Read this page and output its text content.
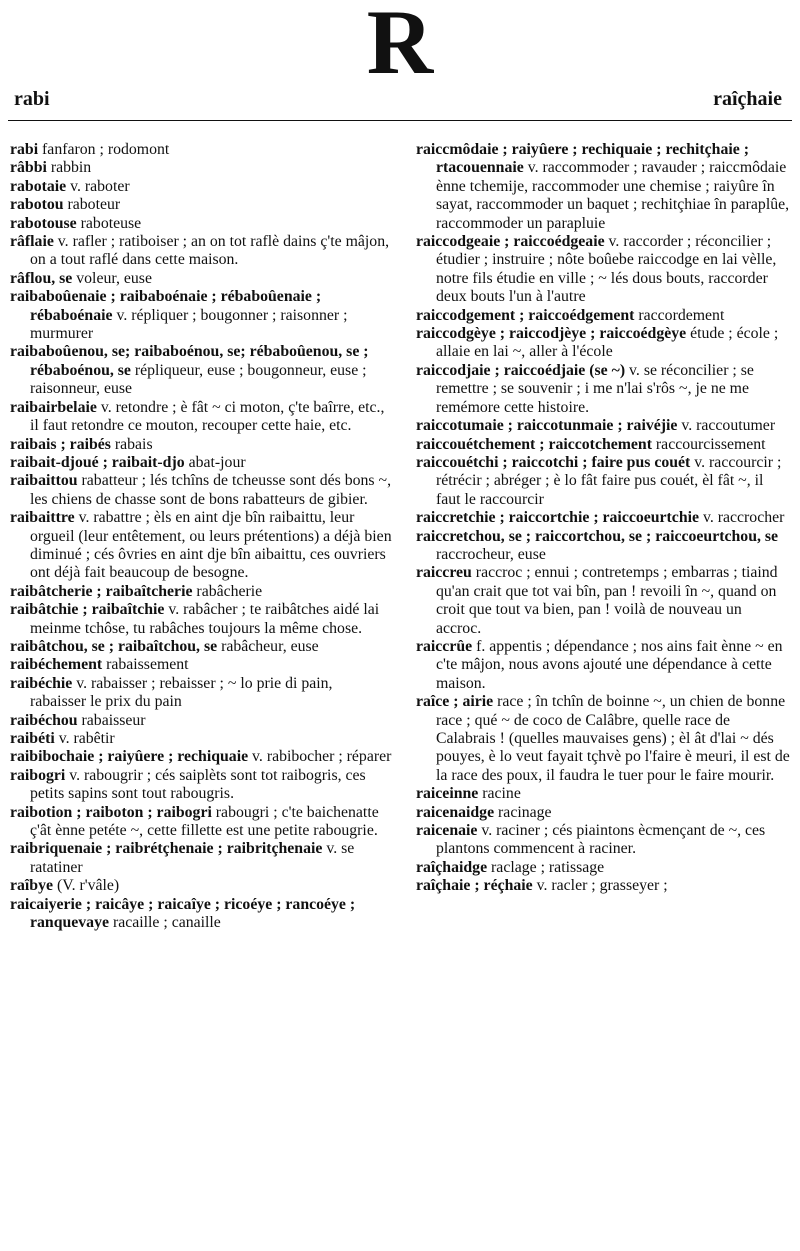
R
rabi	raîçhaie

rabi fanfaron ; rodomont

râbbi rabbin

rabotaie v. raboter

rabotou raboteur

rabotouse raboteuse

râflaie v. rafler ; ratiboiser ; an on tot raflè dains ç'te mâjon, on a tout raflé dans cette maison.

râflou, se voleur, euse

raibaboûenaie ; raibaboénaie ; rébaboûenaie ; rébaboénaie v. répliquer ; bougonner ; raisonner ; murmurer

raibaboûenou, se; raibaboénou, se; rébaboûenou, se ; rébaboénou, se répliqueur, euse ; bougonneur, euse ; raisonneur, euse

raibairbelaie v. retondre ; è fât ~ ci moton, ç'te baîrre, etc., il faut retondre ce mouton, recouper cette haie, etc.

raibais ; raibés rabais

raibait-djoué ; raibait-djo abat-jour

raibaittou rabatteur ; lés tchîns de tcheusse sont dés bons ~, les chiens de chasse sont de bons rabatteurs de gibier.

raibaittre v. rabattre ; èls en aint dje bîn raibaittu, leur orgueil (leur entêtement, ou leurs prétentions) a déjà bien diminué ; cés ôvries en aint dje bîn aibaittu, ces ouvriers ont déjà fait beaucoup de besogne.

raibâtcherie ; raibaîtcherie rabâcherie

raibâtchie ; raibaîtchie v. rabâcher ; te raibâtches aidé lai meinme tchôse, tu rabâches toujours la même chose.

raibâtchou, se ; raibaîtchou, se rabâcheur, euse

raibéchement rabaissement

raibéchie v. rabaisser ; rebaisser ; ~ lo prie di pain, rabaisser le prix du pain

raibéchou rabaisseur

raibéti v. rabêtir

raibibochaie ; raiyûere ; rechiquaie v. rabibocher ; réparer

raibogri v. rabougrir ; cés saiplèts sont tot raibogris, ces petits sapins sont tout rabougris.

raibotion ; raiboton ; raibogri rabougri ; c'te baichenatte ç'ât ènne petéte ~, cette fillette est une petite rabougrie.

raibriquenaie ; raibrétçhenaie ; raibritçhenaie v. se ratatiner

raîbye (V. r'vâle)

raicaiyerie ; raicâye ; raicaîye ; ricoéye ; rancoéye ; ranquevaye racaille ; canaille

raiccmôdaie ; raiyûere ; rechiquaie ; rechitçhaie ; rtacouennaie v. raccommoder ; ravauder ; raiccmôdaie ènne tchemije, raccommoder une chemise ; raiyûre în sayat, raccommoder un baquet ; rechitçhiae în paraplûe, raccommoder un parapluie

raiccodgeaie ; raiccoédgeaie v. raccorder ; réconcilier ; étudier ; instruire ; nôte boûebe raiccodge en lai vèlle, notre fils étudie en ville ; ~ lés dous bouts, raccorder deux bouts l'un à l'autre

raiccodgement ; raiccoédgement raccordement

raiccodgèye ; raiccodjèye ; raiccoédgèye étude ; école ; allaie en lai ~, aller à l'école

raiccodjaie ; raiccoédjaie (se ~) v. se réconcilier ; se remettre ; se souvenir ; i me n'lai s'rôs ~, je ne me remémore cette histoire.

raiccotumaie ; raiccotunmaie ; raivéjie v. raccoutumer

raiccouétchement ; raiccotchement raccourcissement

raiccouétchi ; raiccotchi ; faire pus couét v. raccourcir ; rétrécir ; abréger ; è lo fât faire pus couét, èl fât ~, il faut le raccourcir

raiccretchie ; raiccortchie ; raiccoeurtchie v. raccrocher

raiccretchou, se ; raiccortchou, se ; raiccoeurtchou, se raccrocheur, euse

raiccreu raccroc ; ennui ; contretemps ; embarras ; tiaind qu'an crait que tot vai bîn, pan ! revoili în ~, quand on croit que tout va bien, pan ! voilà de nouveau un accroc.

raiccrûe f. appentis ; dépendance ; nos ains fait ènne ~ en c'te mâjon, nous avons ajouté une dépendance à cette maison.

raîce ; airie race ; în tchîn de boinne ~, un chien de bonne race ; qué ~ de coco de Calâbre, quelle race de Calabrais ! (quelles mauvaises gens) ; èl ât d'lai ~ dés pouyes, è lo veut fayait tçhvè po l'faire è meuri, il est de la race des poux, il faudra le tuer pour le faire mourir.

raiceinne racine

raicenaidge racinage

raicenaie v. raciner ; cés piaintons ècmençant de ~, ces plantons commencent à raciner.

raîçhaidge raclage ; ratissage

raîçhaie ; réçhaie v. racler ; grasseyer ;
